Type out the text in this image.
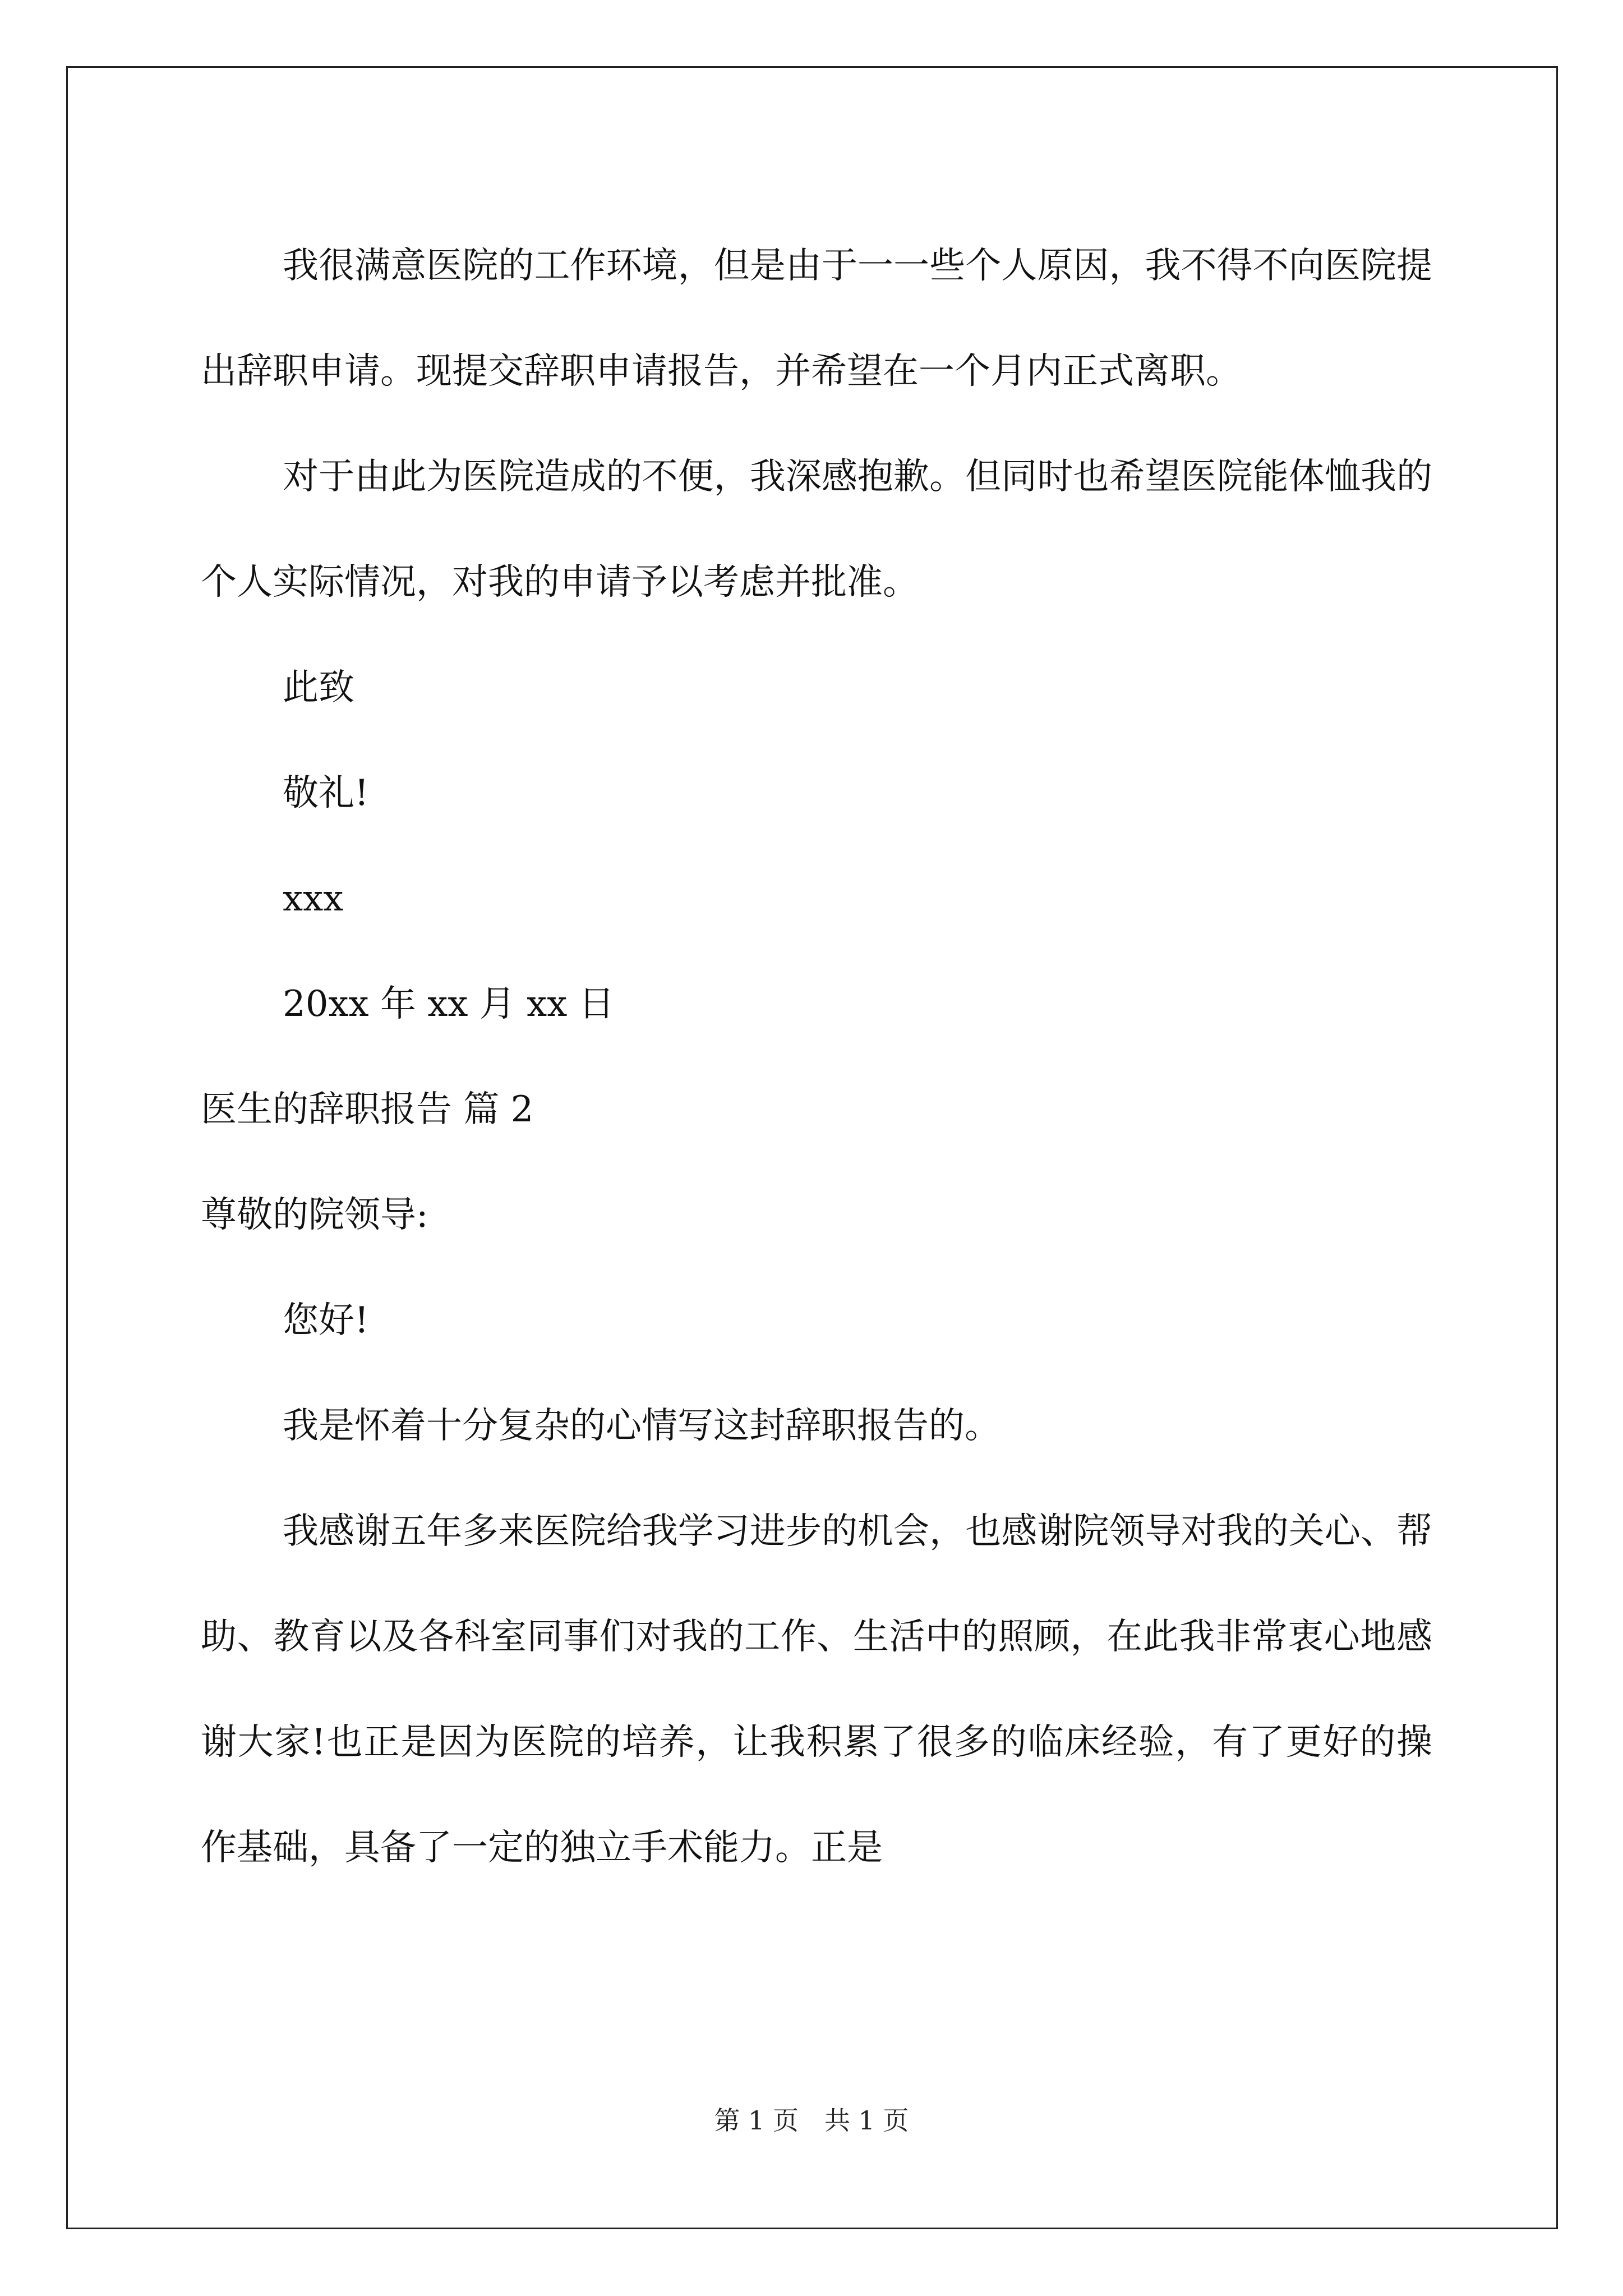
我很满意医院的工作环境，但是由于一一些个人原因，我不得不向医院提出辞职申请。现提交辞职申请报告，并希望在一个月内正式离职。

对于由此为医院造成的不便，我深感抱歉。但同时也希望医院能体恤我的个人实际情况，对我的申请予以考虑并批准。

此致

敬礼!

xxx

20xx 年 xx 月 xx 日

医生的辞职报告 篇 2

尊敬的院领导:

您好!

我是怀着十分复杂的心情写这封辞职报告的。

我感谢五年多来医院给我学习进步的机会，也感谢院领导对我的关心、帮助、教育以及各科室同事们对我的工作、生活中的照顾，在此我非常衷心地感谢大家!也正是因为医院的培养，让我积累了很多的临床经验，有了更好的操作基础，具备了一定的独立手术能力。正是

第 1 页　共 1 页
